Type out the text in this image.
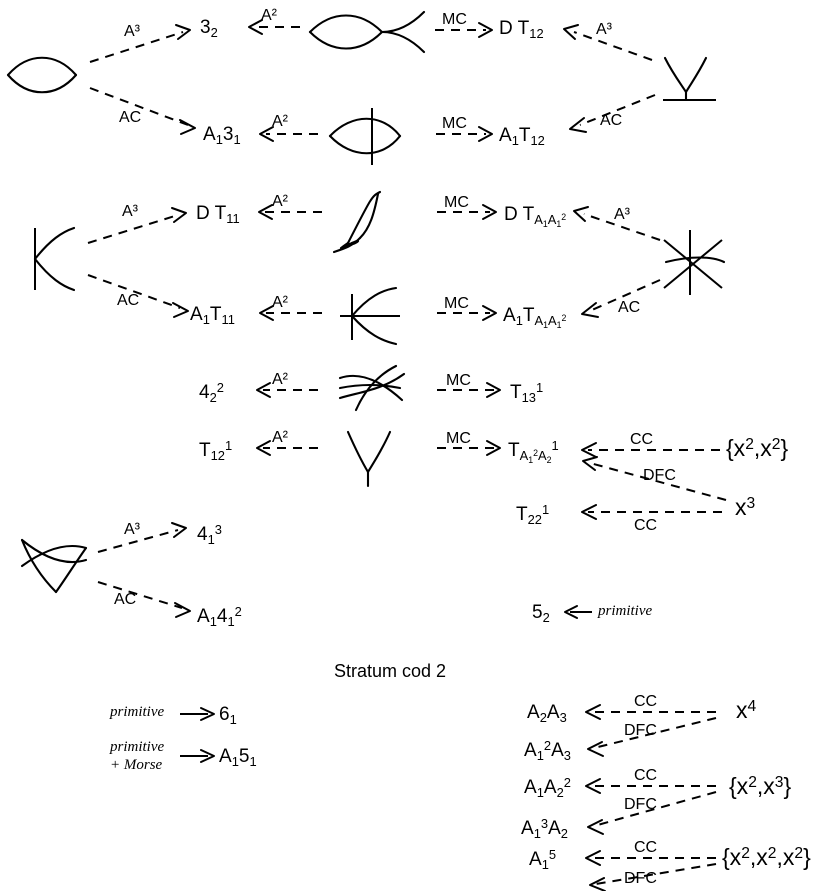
A³
AC
$3_2$
A²	MC D $T_{12}$	A³
AC
$A_13_1$
A²	MC
$A_1T_{12}$
A³
AC
D $T_{11}$
A²	MC
D $T_{A_1A_1^2}$	A³
AC
$A_1T_{11}$
A²	MC
$A_1T_{A_1A_1^2}$
$4_2^2$	A²	MC
$T_{13}^1$
$T_{12}^1$ A²	MC
$T_{A_1^2A_2}^1$	CC	$\{x^2,x^2\}$
DFC
$T_{22}^1$
CC
$x^3$
A³
AC
$4_1^3$
$A_14_1^2$	$5_2$	primitive
Stratum cod 2
primitive	$6_1$
primitive
+ Morse	$A_15_1$
$A_2A_3$
CC	$x^4$
$A_1^2A_3$
DFC
$A_1A_2^2$	CC	$\{x^2,x^3\}$
$A_1^3A_2$
DFC
$A_1^5$	CC	$\{x^2,x^2,x^2\}$
DFC
